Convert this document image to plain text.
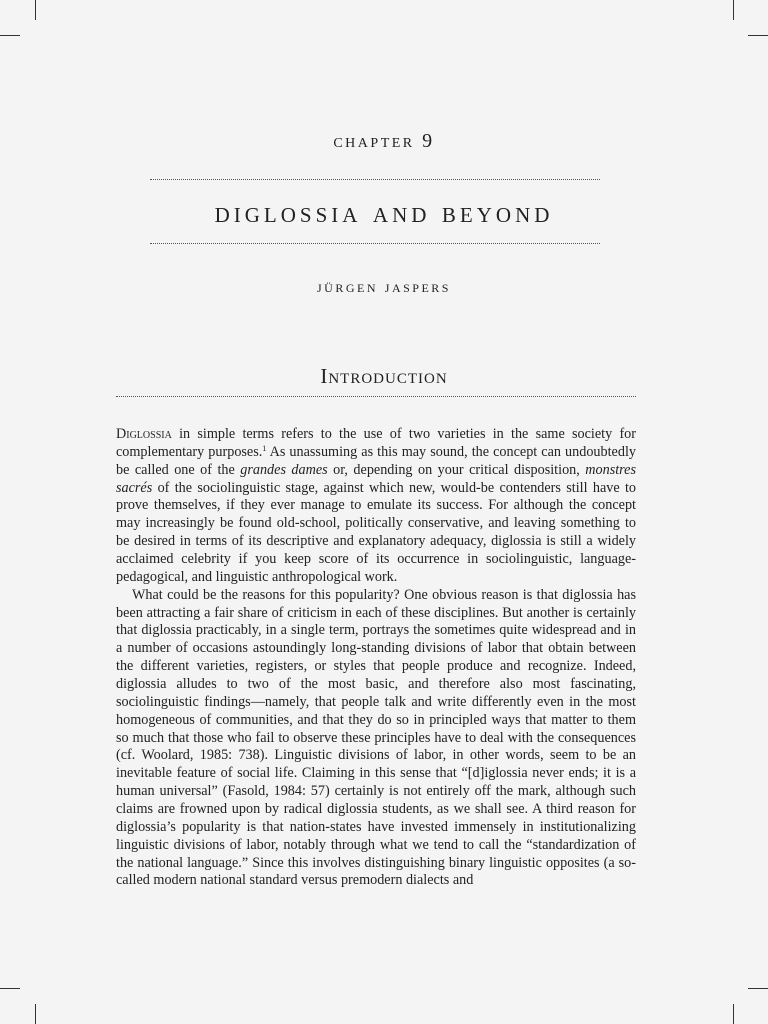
chapter 9
diglossia and beyond
jürgen jaspers
Introduction

Diglossia in simple terms refers to the use of two varieties in the same society for complementary purposes.$^1$ As unassuming as this may sound, the concept can undoubtedly be called one of the grandes dames or, depending on your critical disposition, monstres sacrés of the sociolinguistic stage, against which new, would-be contenders still have to prove themselves, if they ever manage to emulate its success. For although the concept may increasingly be found old-school, politically conservative, and leaving something to be desired in terms of its descriptive and explanatory adequacy, diglossia is still a widely acclaimed celebrity if you keep score of its occurrence in sociolinguistic, language-pedagogical, and linguistic anthropological work.

What could be the reasons for this popularity? One obvious reason is that diglossia has been attracting a fair share of criticism in each of these disciplines. But another is certainly that diglossia practicably, in a single term, portrays the sometimes quite widespread and in a number of occasions astoundingly long-standing divisions of labor that obtain between the different varieties, registers, or styles that people produce and recognize. Indeed, diglossia alludes to two of the most basic, and therefore also most fascinating, sociolinguistic findings—namely, that people talk and write differently even in the most homogeneous of communities, and that they do so in principled ways that matter to them so much that those who fail to observe these principles have to deal with the consequences (cf. Woolard, 1985: 738). Linguistic divisions of labor, in other words, seem to be an inevitable feature of social life. Claiming in this sense that “[d]iglossia never ends; it is a human universal” (Fasold, 1984: 57) certainly is not entirely off the mark, although such claims are frowned upon by radical diglossia students, as we shall see. A third reason for diglossia’s popularity is that nation-states have invested immensely in institutionalizing linguistic divisions of labor, notably through what we tend to call the “standardization of the national language.” Since this involves distinguishing binary linguistic opposites (a so-called modern national standard versus premodern dialects and
